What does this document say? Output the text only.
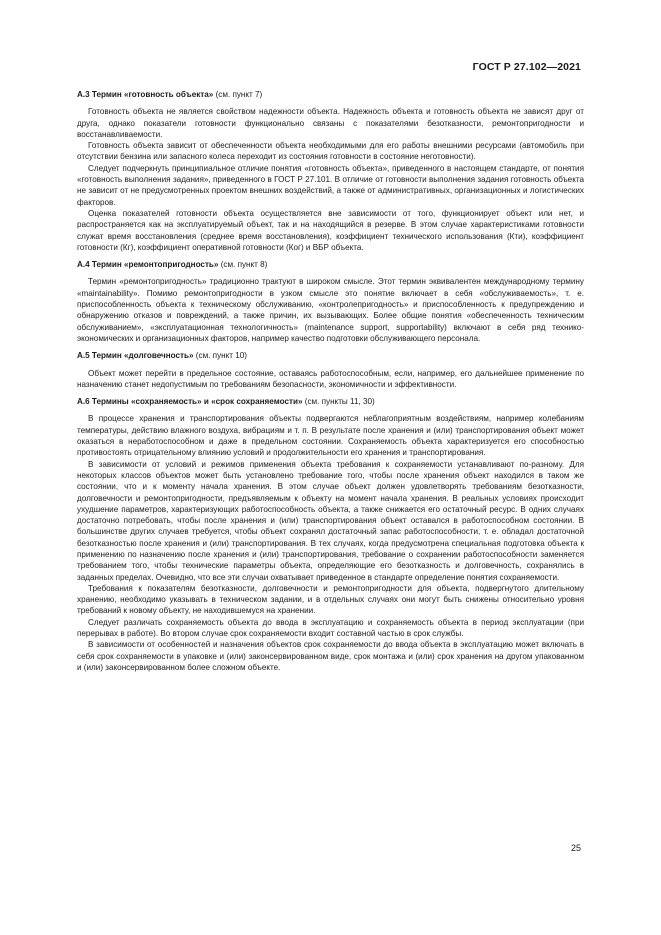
ГОСТ Р 27.102—2021

А.3 Термин «готовность объекта» (см. пункт 7)

Готовность объекта не является свойством надежности объекта. Надежность объекта и готовность объекта не зависят друг от друга, однако показатели готовности функционально связаны с показателями безотказности, ремонтопригодности и восстанавливаемости.

Готовность объекта зависит от обеспеченности объекта необходимыми для его работы внешними ресурсами (автомобиль при отсутствии бензина или запасного колеса переходит из состояния готовности в состояние неготовности).

Следует подчеркнуть принципиальное отличие понятия «готовность объекта», приведенного в настоящем стандарте, от понятия «готовность выполнения задания», приведенного в ГОСТ Р 27.101. В отличие от готовности выполнения задания готовность объекта не зависит от не предусмотренных проектом внешних воздействий, а также от административных, организационных и логистических факторов.

Оценка показателей готовности объекта осуществляется вне зависимости от того, функционирует объект или нет, и распространяется как на эксплуатируемый объект, так и на находящийся в резерве. В этом случае характеристиками готовности служат время восстановления (среднее время восстановления), коэффициент технического использования (Кти), коэффициент готовности (Кг), коэффициент оперативной готовности (Ког) и ВБР объекта.

А.4 Термин «ремонтопригодность» (см. пункт 8)

Термин «ремонтопригодность» традиционно трактуют в широком смысле. Этот термин эквивалентен международному термину «maintainability». Помимо ремонтопригодности в узком смысле это понятие включает в себя «обслуживаемость», т. е. приспособленность объекта к техническому обслуживанию, «контролепригодность» и приспособленность к предупреждению и обнаружению отказов и повреждений, а также причин, их вызывающих. Более общие понятия «обеспеченность техническим обслуживанием», «эксплуатационная технологичность» (maintenance support, supportability) включают в себя ряд технико-экономических и организационных факторов, например качество подготовки обслуживающего персонала.

А.5 Термин «долговечность» (см. пункт 10)

Объект может перейти в предельное состояние, оставаясь работоспособным, если, например, его дальнейшее применение по назначению станет недопустимым по требованиям безопасности, экономичности и эффективности.

А.6 Термины «сохраняемость» и «срок сохраняемости» (см. пункты 11, 30)

В процессе хранения и транспортирования объекты подвергаются неблагоприятным воздействиям, например колебаниям температуры, действию влажного воздуха, вибрациям и т. п. В результате после хранения и (или) транспортирования объект может оказаться в неработоспособном и даже в предельном состоянии. Сохраняемость объекта характеризуется его способностью противостоять отрицательному влиянию условий и продолжительности его хранения и транспортирования.

В зависимости от условий и режимов применения объекта требования к сохраняемости устанавливают по-разному. Для некоторых классов объектов может быть установлено требование того, чтобы после хранения объект находился в таком же состоянии, что и к моменту начала хранения. В этом случае объект должен удовлетворять требованиям безотказности, долговечности и ремонтопригодности, предъявляемым к объекту на момент начала хранения. В реальных условиях происходит ухудшение параметров, характеризующих работоспособность объекта, а также снижается его остаточный ресурс. В одних случаях достаточно потребовать, чтобы после хранения и (или) транспортирования объект оставался в работоспособном состоянии. В большинстве других случаев требуется, чтобы объект сохранял достаточный запас работоспособности, т. е. обладал достаточной безотказностью после хранения и (или) транспортирования. В тех случаях, когда предусмотрена специальная подготовка объекта к применению по назначению после хранения и (или) транспортирования, требование о сохранении работоспособности заменяется требованием того, чтобы технические параметры объекта, определяющие его безотказность и долговечность, сохранялись в заданных пределах. Очевидно, что все эти случаи охватывает приведенное в стандарте определение понятия сохраняемости.

Требования к показателям безотказности, долговечности и ремонтопригодности для объекта, подвергнутого длительному хранению, необходимо указывать в техническом задании, и в отдельных случаях они могут быть снижены относительно уровня требований к новому объекту, не находившемуся на хранении.

Следует различать сохраняемость объекта до ввода в эксплуатацию и сохраняемость объекта в период эксплуатации (при перерывах в работе). Во втором случае срок сохраняемости входит составной частью в срок службы.

В зависимости от особенностей и назначения объектов срок сохраняемости до ввода объекта в эксплуатацию может включать в себя срок сохраняемости в упаковке и (или) законсервированном виде, срок монтажа и (или) срок хранения на другом упакованном и (или) законсервированном более сложном объекте.

25
